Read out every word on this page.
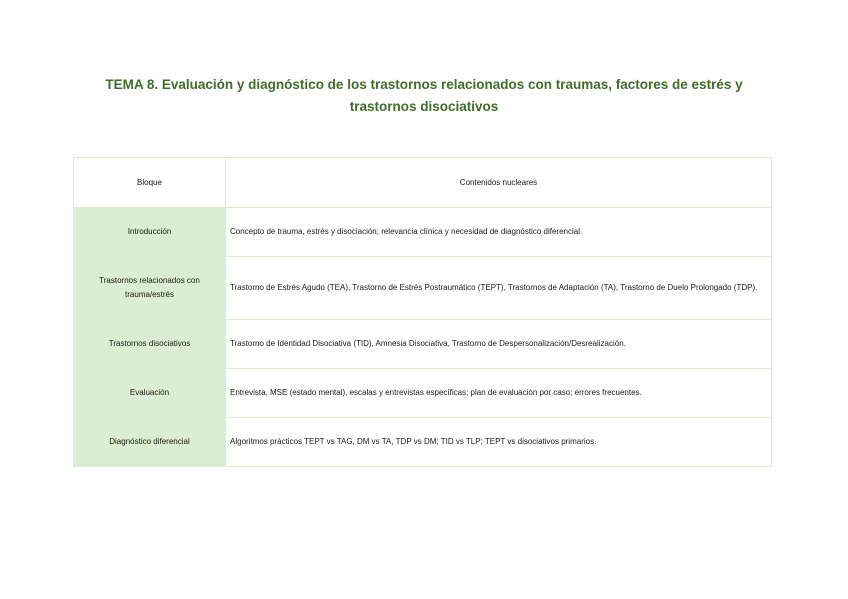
TEMA 8. Evaluación y diagnóstico de los trastornos relacionados con traumas, factores de estrés y trastornos disociativos
Bloque	Contenidos nucleares
Introducción	Concepto de trauma, estrés y disociación; relevancia clínica y necesidad de diagnóstico diferencial.
Trastornos relacionados con trauma/estrés	Trastorno de Estrés Agudo (TEA), Trastorno de Estrés Postraumático (TEPT), Trastornos de Adaptación (TA), Trastorno de Duelo Prolongado (TDP).
Trastornos disociativos	Trastorno de Identidad Disociativa (TID), Amnesia Disociativa, Trastorno de Despersonalización/Desrealización.
Evaluación	Entrevista, MSE (estado mental), escalas y entrevistas específicas; plan de evaluación por caso; errores frecuentes.
Diagnóstico diferencial	Algoritmos prácticos TEPT vs TAG, DM vs TA, TDP vs DM; TID vs TLP; TEPT vs disociativos primarios.
